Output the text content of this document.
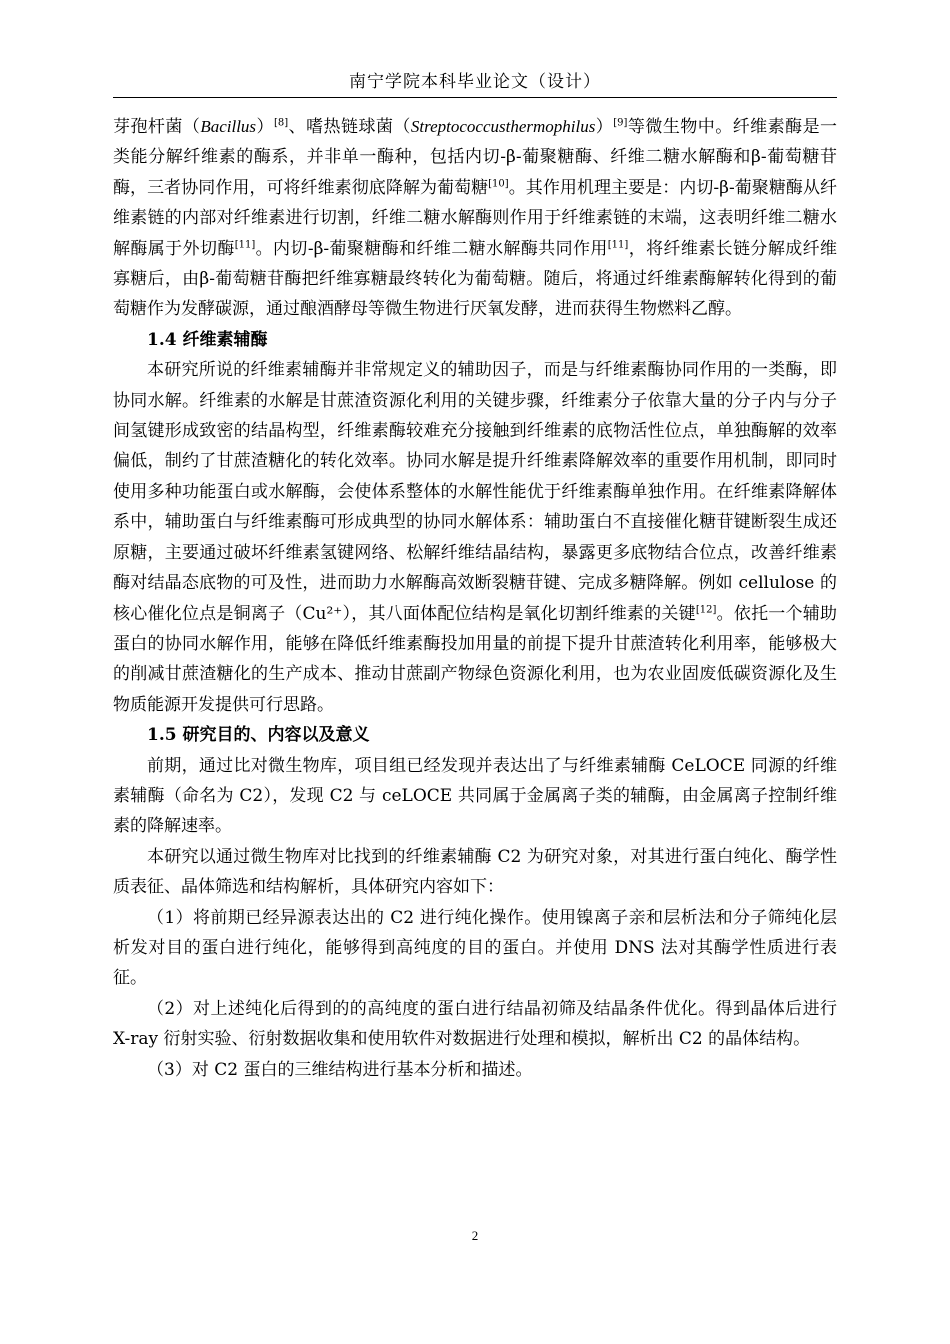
南宁学院本科毕业论文（设计）

芽孢杆菌（Bacillus）[8]、嗜热链球菌（Streptococcusthermophilus）[9]等微生物中。纤维素酶是一类能分解纤维素的酶系，并非单一酶种，包括内切-β-葡聚糖酶、纤维二糖水解酶和β-葡萄糖苷酶，三者协同作用，可将纤维素彻底降解为葡萄糖[10]。其作用机理主要是：内切-β-葡聚糖酶从纤维素链的内部对纤维素进行切割，纤维二糖水解酶则作用于纤维素链的末端，这表明纤维二糖水解酶属于外切酶[11]。内切-β-葡聚糖酶和纤维二糖水解酶共同作用[11]，将纤维素长链分解成纤维寡糖后，由β-葡萄糖苷酶把纤维寡糖最终转化为葡萄糖。随后，将通过纤维素酶解转化得到的葡萄糖作为发酵碳源，通过酿酒酵母等微生物进行厌氧发酵，进而获得生物燃料乙醇。

1.4 纤维素辅酶

本研究所说的纤维素辅酶并非常规定义的辅助因子，而是与纤维素酶协同作用的一类酶，即协同水解。纤维素的水解是甘蔗渣资源化利用的关键步骤，纤维素分子依靠大量的分子内与分子间氢键形成致密的结晶构型，纤维素酶较难充分接触到纤维素的底物活性位点，单独酶解的效率偏低，制约了甘蔗渣糖化的转化效率。协同水解是提升纤维素降解效率的重要作用机制，即同时使用多种功能蛋白或水解酶，会使体系整体的水解性能优于纤维素酶单独作用。在纤维素降解体系中，辅助蛋白与纤维素酶可形成典型的协同水解体系：辅助蛋白不直接催化糖苷键断裂生成还原糖，主要通过破坏纤维素氢键网络、松解纤维结晶结构，暴露更多底物结合位点，改善纤维素酶对结晶态底物的可及性，进而助力水解酶高效断裂糖苷键、完成多糖降解。例如 cellulose 的核心催化位点是铜离子（Cu²⁺），其八面体配位结构是氧化切割纤维素的关键[12]。依托一个辅助蛋白的协同水解作用，能够在降低纤维素酶投加用量的前提下提升甘蔗渣转化利用率，能够极大的削减甘蔗渣糖化的生产成本、推动甘蔗副产物绿色资源化利用，也为农业固废低碳资源化及生物质能源开发提供可行思路。

1.5 研究目的、内容以及意义

前期，通过比对微生物库，项目组已经发现并表达出了与纤维素辅酶 CeLOCE 同源的纤维素辅酶（命名为 C2），发现 C2 与 ceLOCE 共同属于金属离子类的辅酶，由金属离子控制纤维素的降解速率。

本研究以通过微生物库对比找到的纤维素辅酶 C2 为研究对象，对其进行蛋白纯化、酶学性质表征、晶体筛选和结构解析，具体研究内容如下：

（1）将前期已经异源表达出的 C2 进行纯化操作。使用镍离子亲和层析法和分子筛纯化层析发对目的蛋白进行纯化，能够得到高纯度的目的蛋白。并使用 DNS 法对其酶学性质进行表征。

（2）对上述纯化后得到的的高纯度的蛋白进行结晶初筛及结晶条件优化。得到晶体后进行 X-ray 衍射实验、衍射数据收集和使用软件对数据进行处理和模拟，解析出 C2 的晶体结构。

（3）对 C2 蛋白的三维结构进行基本分析和描述。

2
